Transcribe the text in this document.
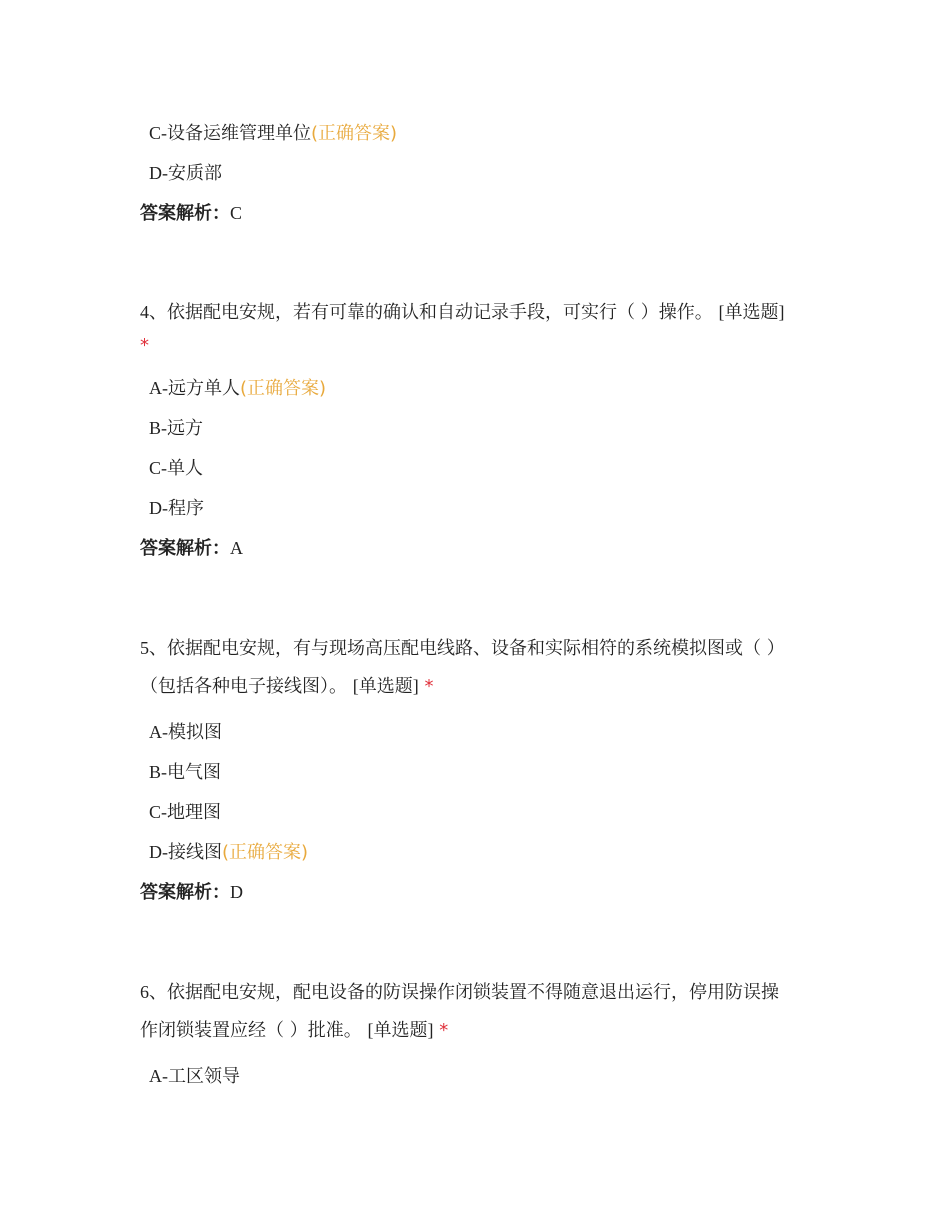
C-设备运维管理单位(正确答案)
D-安质部
答案解析：C
4、依据配电安规，若有可靠的确认和自动记录手段，可实行（ ）操作。 [单选题]
*
A-远方单人(正确答案)
B-远方
C-单人
D-程序
答案解析：A
5、依据配电安规，有与现场高压配电线路、设备和实际相符的系统模拟图或（ ）
（包括各种电子接线图）。 [单选题] *
A-模拟图
B-电气图
C-地理图
D-接线图(正确答案)
答案解析：D
6、依据配电安规，配电设备的防误操作闭锁装置不得随意退出运行，停用防误操
作闭锁装置应经（ ）批准。 [单选题] *
A-工区领导
